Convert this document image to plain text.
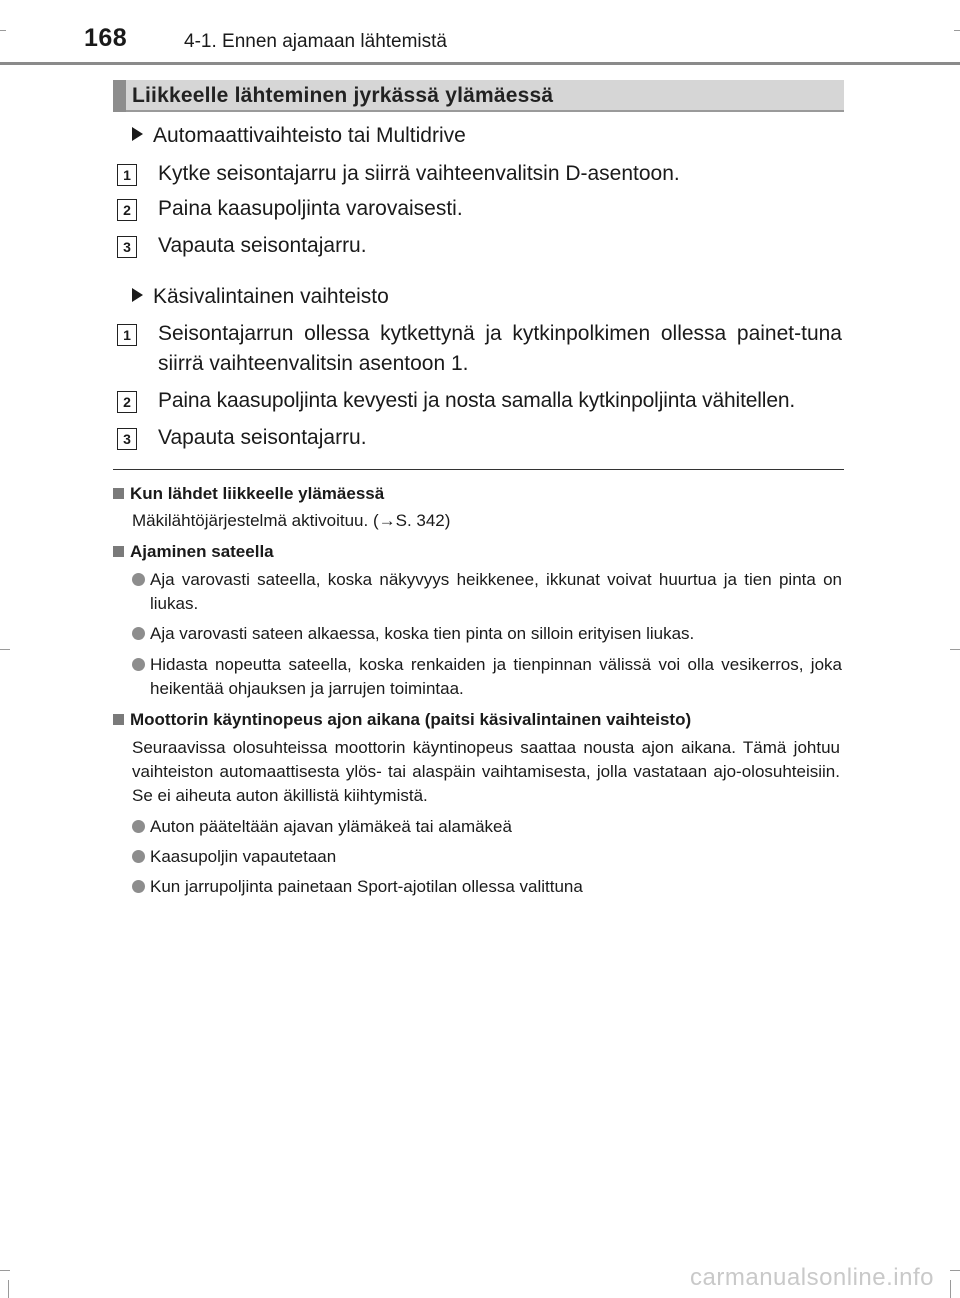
168	4-1. Ennen ajamaan lähtemistä
Liikkeelle lähteminen jyrkässä ylämäessä
Automaattivaihteisto tai Multidrive
1 Kytke seisontajarru ja siirrä vaihteenvalitsin D-asentoon.
2 Paina kaasupoljinta varovaisesti.
3 Vapauta seisontajarru.
Käsivalintainen vaihteisto
1 Seisontajarrun ollessa kytkettynä ja kytkinpolkimen ollessa painet-tuna siirrä vaihteenvalitsin asentoon 1.
2 Paina kaasupoljinta kevyesti ja nosta samalla kytkinpoljinta vähitellen.
3 Vapauta seisontajarru.
Kun lähdet liikkeelle ylämäessä
Mäkilähtöjärjestelmä aktivoituu. (→S. 342)
Ajaminen sateella
Aja varovasti sateella, koska näkyvyys heikkenee, ikkunat voivat huurtua ja tien pinta on liukas.
Aja varovasti sateen alkaessa, koska tien pinta on silloin erityisen liukas.
Hidasta nopeutta sateella, koska renkaiden ja tienpinnan välissä voi olla vesikerros, joka heikentää ohjauksen ja jarrujen toimintaa.
Moottorin käyntinopeus ajon aikana (paitsi käsivalintainen vaihteisto)
Seuraavissa olosuhteissa moottorin käyntinopeus saattaa nousta ajon aikana. Tämä johtuu vaihteiston automaattisesta ylös- tai alaspäin vaihtamisesta, jolla vastataan ajo-olosuhteisiin. Se ei aiheuta auton äkillistä kiihtymistä.
Auton pääteltään ajavan ylämäkeä tai alamäkeä
Kaasupoljin vapautetaan
Kun jarrupoljinta painetaan Sport-ajotilan ollessa valittuna
carmanualsonline.info
